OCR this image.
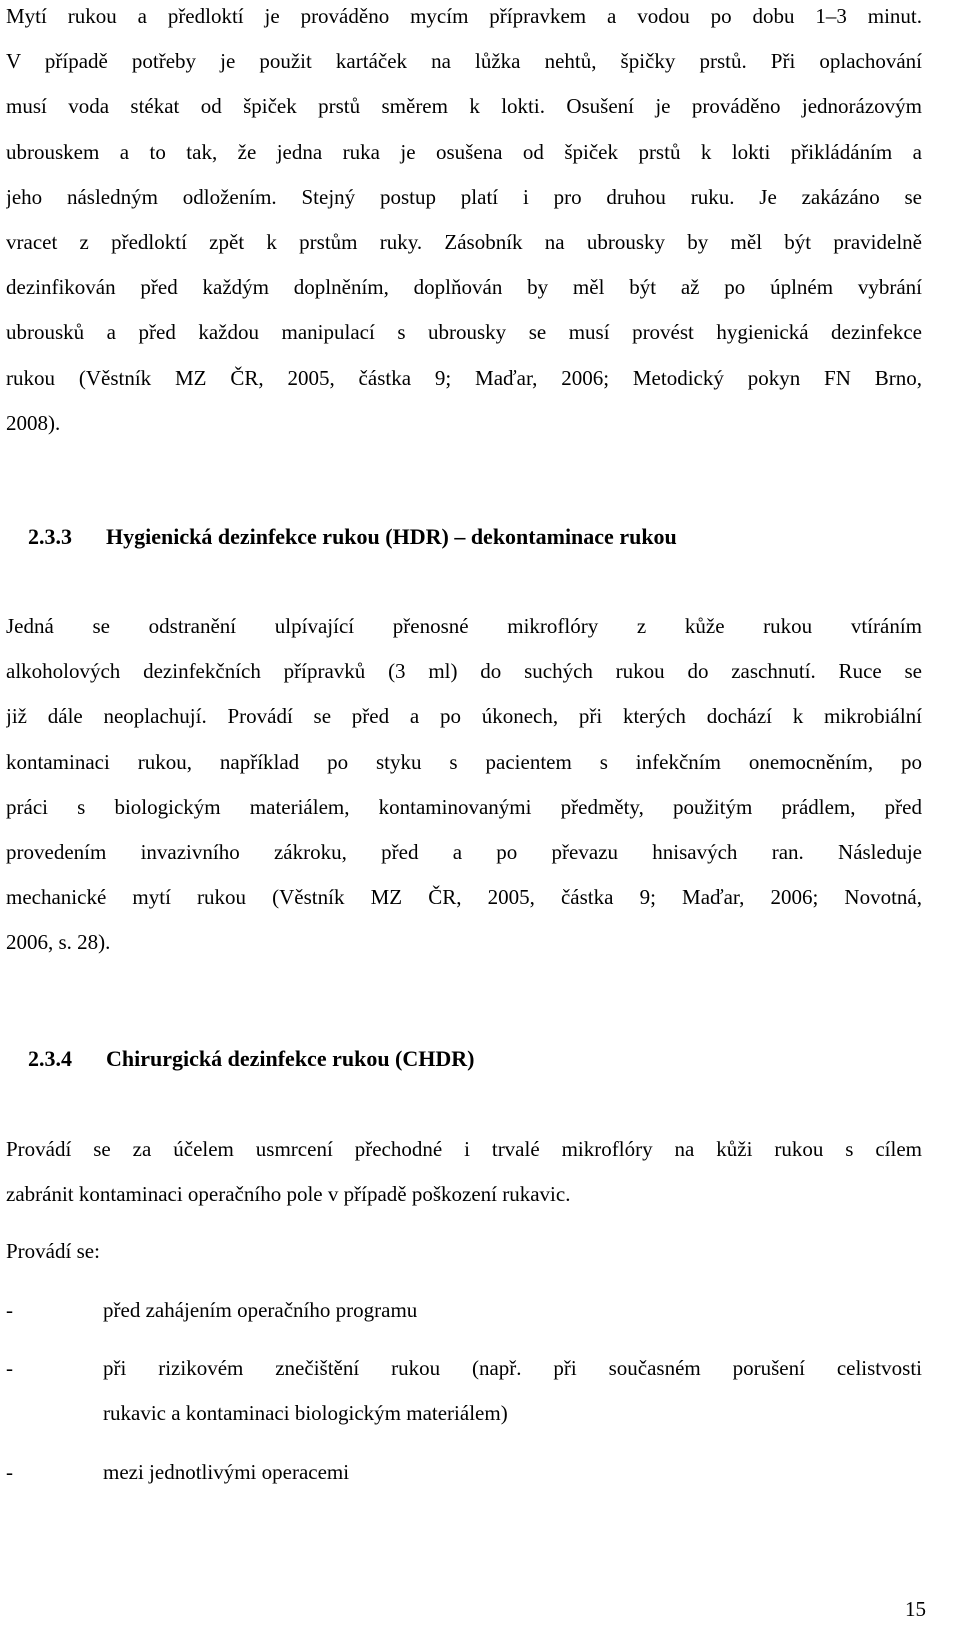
Mytí rukou a předloktí je prováděno mycím přípravkem a vodou po dobu 1–3 minut.
V případě potřeby je použit kartáček na lůžka nehtů, špičky prstů. Při oplachování
musí voda stékat od špiček prstů směrem k lokti. Osušení je prováděno jednorázovým
ubrouskem a to tak, že jedna ruka je osušena od špiček prstů k lokti přikládáním a
jeho následným odložením. Stejný postup platí i pro druhou ruku. Je zakázáno se
vracet z předloktí zpět k prstům ruky. Zásobník na ubrousky by měl být pravidelně
dezinfikován před každým doplněním, doplňován by měl být až po úplném vybrání
ubrousků a před každou manipulací s ubrousky se musí provést hygienická dezinfekce
rukou (Věstník MZ ČR, 2005, částka 9; Maďar, 2006; Metodický pokyn FN Brno,
2008).
2.3.3 Hygienická dezinfekce rukou (HDR) – dekontaminace rukou
Jedná se odstranění ulpívající přenosné mikroflóry z kůže rukou vtíráním
alkoholových dezinfekčních přípravků (3 ml) do suchých rukou do zaschnutí. Ruce se
již dále neoplachují. Provádí se před a po úkonech, při kterých dochází k mikrobiální
kontaminaci rukou, například po styku s pacientem s infekčním onemocněním, po
práci s biologickým materiálem, kontaminovanými předměty, použitým prádlem, před
provedením invazivního zákroku, před a po převazu hnisavých ran. Následuje
mechanické mytí rukou (Věstník MZ ČR, 2005, částka 9; Maďar, 2006; Novotná,
2006, s. 28).
2.3.4 Chirurgická dezinfekce rukou (CHDR)
Provádí se za účelem usmrcení přechodné i trvalé mikroflóry na kůži rukou s cílem
zabránit kontaminaci operačního pole v případě poškození rukavic.
Provádí se:
-	před zahájením operačního programu
-	při rizikovém znečištění rukou (např. při současném porušení celistvosti
rukavic a kontaminaci biologickým materiálem)
-	mezi jednotlivými operacemi
15
